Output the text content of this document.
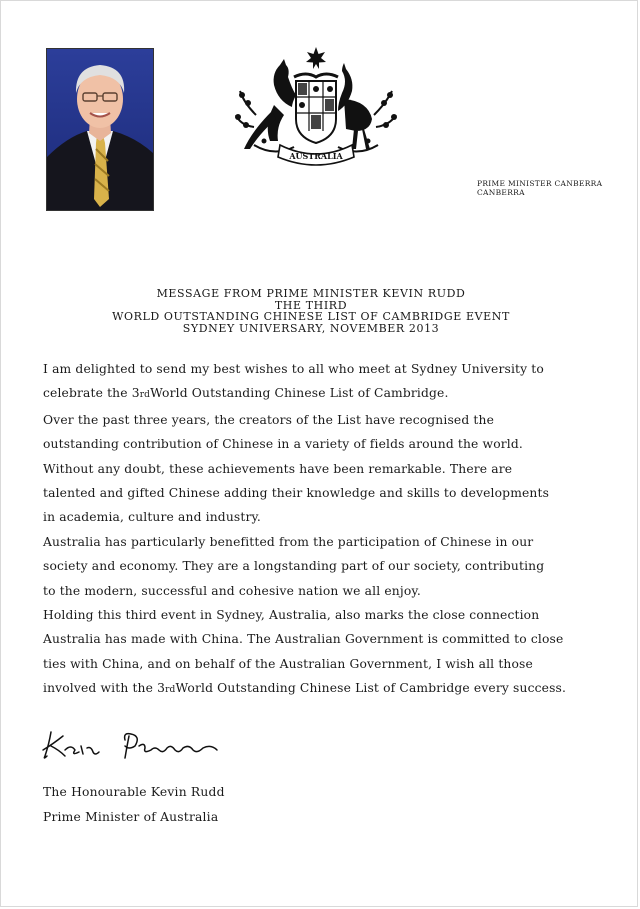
AUSTRALIA
PRIME MINISTER CANBERRA
CANBERRA
MESSAGE FROM PRIME MINISTER KEVIN RUDD
THE THIRD
WORLD OUTSTANDING CHINESE LIST OF CAMBRIDGE EVENT
SYDNEY UNIVERSARY, NOVEMBER 2013

I am delighted to send my best wishes to all who meet at Sydney University to

celebrate the 3rdWorld Outstanding Chinese List of Cambridge.

Over the past three years, the creators of the List have recognised the

outstanding contribution of Chinese in a variety of fields around the world.

Without any doubt, these achievements have been remarkable. There are

talented and gifted Chinese adding their knowledge and skills to developments

in academia, culture and industry.

Australia has particularly benefitted from the participation of Chinese in our

society and economy. They are a longstanding part of our society, contributing

to the modern, successful and cohesive nation we all enjoy.

Holding this third event in Sydney, Australia, also marks the close connection

Australia has made with China. The Australian Government is committed to close

ties with China, and on behalf of the Australian Government, I wish all those

involved with the 3rdWorld Outstanding Chinese List of Cambridge every success.

The Honourable Kevin Rudd
Prime Minister of Australia
